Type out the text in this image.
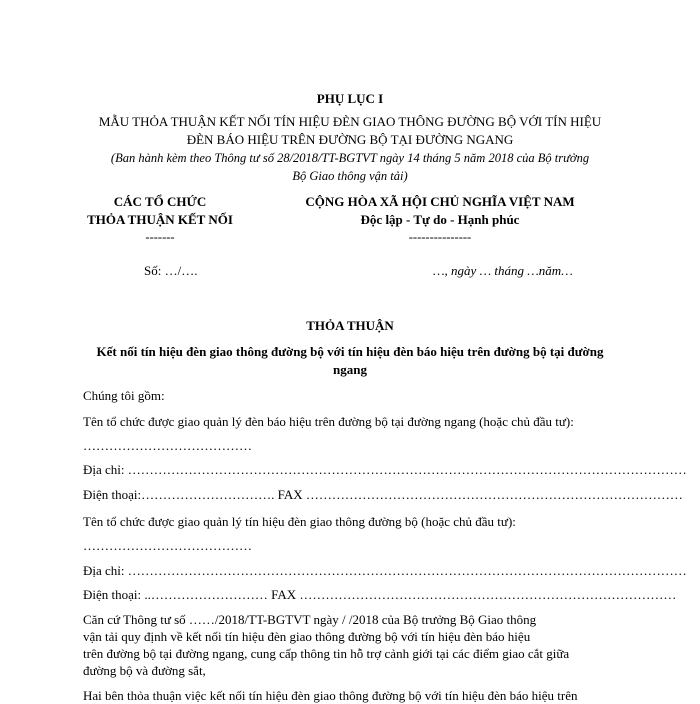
PHỤ LỤC I
MẪU THỎA THUẬN KẾT NỐI TÍN HIỆU ĐÈN GIAO THÔNG ĐƯỜNG BỘ VỚI TÍN HIỆU
ĐÈN BÁO HIỆU TRÊN ĐƯỜNG BỘ TẠI ĐƯỜNG NGANG
(Ban hành kèm theo Thông tư số 28/2018/TT-BGTVT ngày 14 tháng 5 năm 2018 của Bộ trưởng
Bộ Giao thông vận tải)
CÁC TỔ CHỨC
THỎA THUẬN KẾT NỐI
-------
Số: …/….
CỘNG HÒA XÃ HỘI CHỦ NGHĨA VIỆT NAM
Độc lập - Tự do - Hạnh phúc
---------------
…, ngày … tháng …năm…
THỎA THUẬN
Kết nối tín hiệu đèn giao thông đường bộ với tín hiệu đèn báo hiệu trên đường bộ tại đường
ngang
Chúng tôi gồm:
Tên tổ chức được giao quản lý đèn báo hiệu trên đường bộ tại đường ngang (hoặc chủ đầu tư):
…………………………………
Địa chỉ: …………………………………………………………………………………………………………………
Điện thoại:…………………………. FAX ……………………………………………………………………………
Tên tổ chức được giao quản lý tín hiệu đèn giao thông đường bộ (hoặc chủ đầu tư):
…………………………………
Địa chỉ: …………………………………………………………………………………………………………………
Điện thoại: ..……………………… FAX ……………………………………………………………………………
Căn cứ Thông tư số ……/2018/TT-BGTVT ngày / /2018 của Bộ trưởng Bộ Giao thông
vận tải quy định về kết nối tín hiệu đèn giao thông đường bộ với tín hiệu đèn báo hiệu
trên đường bộ tại đường ngang, cung cấp thông tin hỗ trợ cảnh giới tại các điểm giao cắt giữa
đường bộ và đường sắt,
Hai bên thỏa thuận việc kết nối tín hiệu đèn giao thông đường bộ với tín hiệu đèn báo hiệu trên
